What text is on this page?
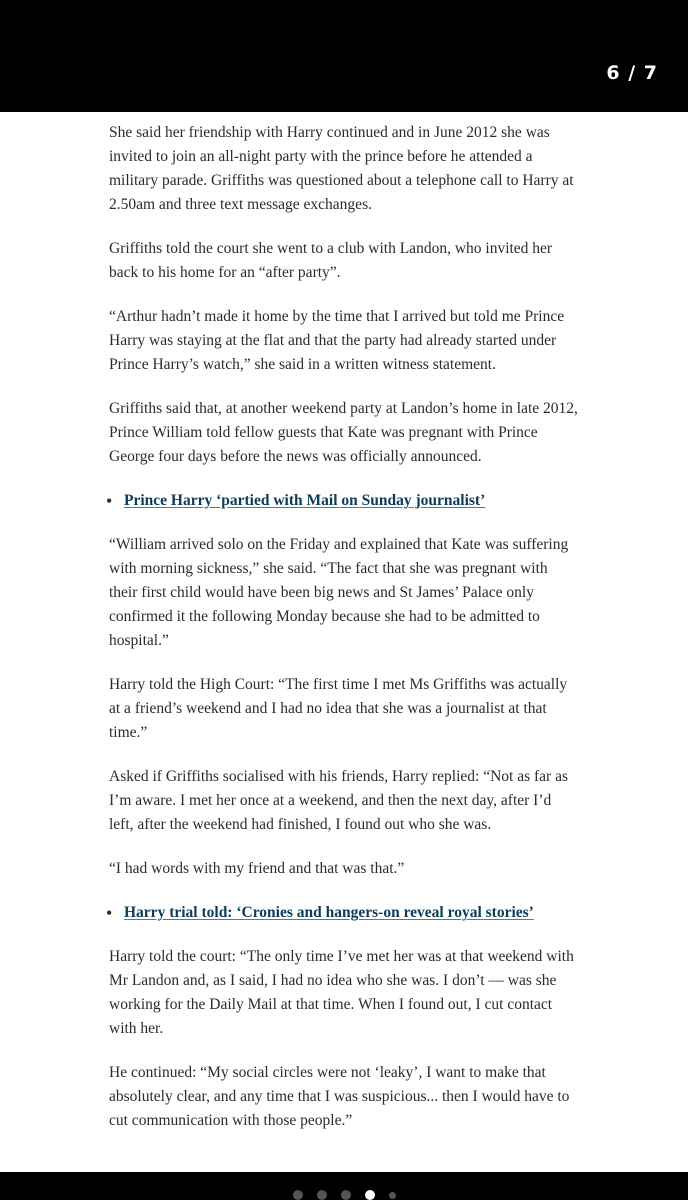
6 / 7

She said her friendship with Harry continued and in June 2012 she was invited to join an all-night party with the prince before he attended a military parade. Griffiths was questioned about a telephone call to Harry at 2.50am and three text message exchanges.

Griffiths told the court she went to a club with Landon, who invited her back to his home for an “after party”.

“Arthur hadn’t made it home by the time that I arrived but told me Prince Harry was staying at the flat and that the party had already started under Prince Harry’s watch,” she said in a written witness statement.

Griffiths said that, at another weekend party at Landon’s home in late 2012, Prince William told fellow guests that Kate was pregnant with Prince George four days before the news was officially announced.

• Prince Harry ‘partied with Mail on Sunday journalist’

“William arrived solo on the Friday and explained that Kate was suffering with morning sickness,” she said. “The fact that she was pregnant with their first child would have been big news and St James’ Palace only confirmed it the following Monday because she had to be admitted to hospital.”

Harry told the High Court: “The first time I met Ms Griffiths was actually at a friend’s weekend and I had no idea that she was a journalist at that time.”

Asked if Griffiths socialised with his friends, Harry replied: “Not as far as I’m aware. I met her once at a weekend, and then the next day, after I’d left, after the weekend had finished, I found out who she was.

“I had words with my friend and that was that.”

• Harry trial told: ‘Cronies and hangers-on reveal royal stories’

Harry told the court: “The only time I’ve met her was at that weekend with Mr Landon and, as I said, I had no idea who she was. I don’t — was she working for the Daily Mail at that time. When I found out, I cut contact with her.

He continued: “My social circles were not ‘leaky’, I want to make that absolutely clear, and any time that I was suspicious... then I would have to cut communication with those people.”
